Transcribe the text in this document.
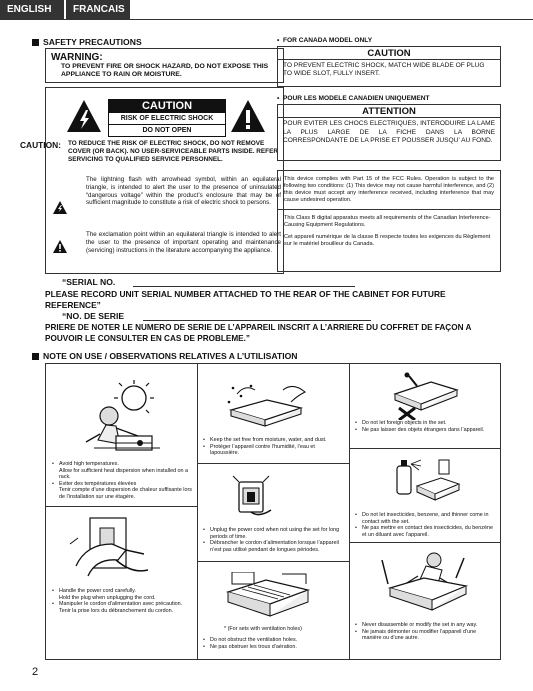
ENGLISH	FRANCAIS
SAFETY PRECAUTIONS
WARNING:
TO PREVENT FIRE OR SHOCK HAZARD, DO NOT EXPOSE THIS APPLIANCE TO RAIN OR MOISTURE.
CAUTION
RISK OF ELECTRIC SHOCK
DO NOT OPEN
CAUTION:	TO REDUCE THE RISK OF ELECTRIC SHOCK, DO NOT REMOVE COVER (OR BACK). NO USER-SERVICEABLE PARTS INSIDE. REFER SERVICING TO QUALIFIED SERVICE PERSONNEL.
The lightning flash with arrowhead symbol, within an equilateral triangle, is intended to alert the user to the presence of uninsulated “dangerous voltage” within the product’s enclosure that may be of sufficient magnitude to constitute a risk of electric shock to persons.
The exclamation point within an equilateral triangle is intended to alert the user to the presence of important operating and maintenance (servicing) instructions in the literature accompanying the appliance.
•  FOR CANADA MODEL ONLY
CAUTION
TO PREVENT ELECTRIC SHOCK, MATCH WIDE BLADE OF PLUG TO WIDE SLOT, FULLY INSERT.
•  POUR LES MODELE CANADIEN UNIQUEMENT
ATTENTION
POUR EVITER LES CHOCS ELECTRIQUES, INTERODUIRE LA LAME LA PLUS LARGE DE LA FICHE DANS LA BORNE CORRESPONDANTE DE LA PRISE ET POUSSER JUSQU’ AU FOND.
This device complies with Part 15 of the FCC Rules. Operation is subject to the following two conditions: (1) This device may not cause harmful interference, and (2) this device must accept any interference received, including interference that may cause undesired operation.
This Class B digital apparatus meets all requirements of the Canadian Interference-Causing Equipment Regulations.
Cet appareil numérique de la classe B respecte toutes les exigences du Règlement sur le matériel brouilleur du Canada.
“SERIAL NO.
PLEASE RECORD UNIT SERIAL NUMBER ATTACHED TO THE REAR OF THE CABINET FOR FUTURE REFERENCE”
“NO. DE SERIE
PRIERE DE NOTER LE NUMERO DE SERIE DE L’APPAREIL INSCRIT A L’ARRIERE DU COFFRET DE FAÇON A POUVOIR LE CONSULTER EN CAS DE PROBLEME.”
NOTE ON USE / OBSERVATIONS RELATIVES A L’UTILISATION
• Avoid high temperatures.
Allow for sufficient heat dispersion when installed on a rack.
• Eviter des températures élevées
Tenir compte d’une dispersion de chaleur suffisante lors de l’installation sur une étagère.
• Keep the set free from moisture, water, and dust.
• Protéger l’appareil contre l’humidité, l’eau et lapoussière.
• Do not let foreign objects in the set.
• Ne pas laisser des objets étrangers dans l’appareil.
• Unplug the power cord when not using the set for long periods of time.
• Débrancher le cordon d’alimentation lorsque l’appareil n’est pas utilisé pendant de longues périodes.
• Do not let insecticides, benzene, and thinner come in contact with the set.
• Ne pas mettre en contact des insecticides, du benzène et un diluant avec l’appareil.
• Handle the power cord carefully.
Hold the plug when unplugging the cord.
• Manipuler le cordon d’alimentation avec précaution.
Tenir la prise lors du débranchement du cordon.
* (For sets with ventilation holes)
• Do not obstruct the ventilation holes.
• Ne pas obstruer les trous d’aération.
• Never disassemble or modify the set in any way.
• Ne jamais démonter ou modifier l’appareil d’une manière ou d’une autre.
2
